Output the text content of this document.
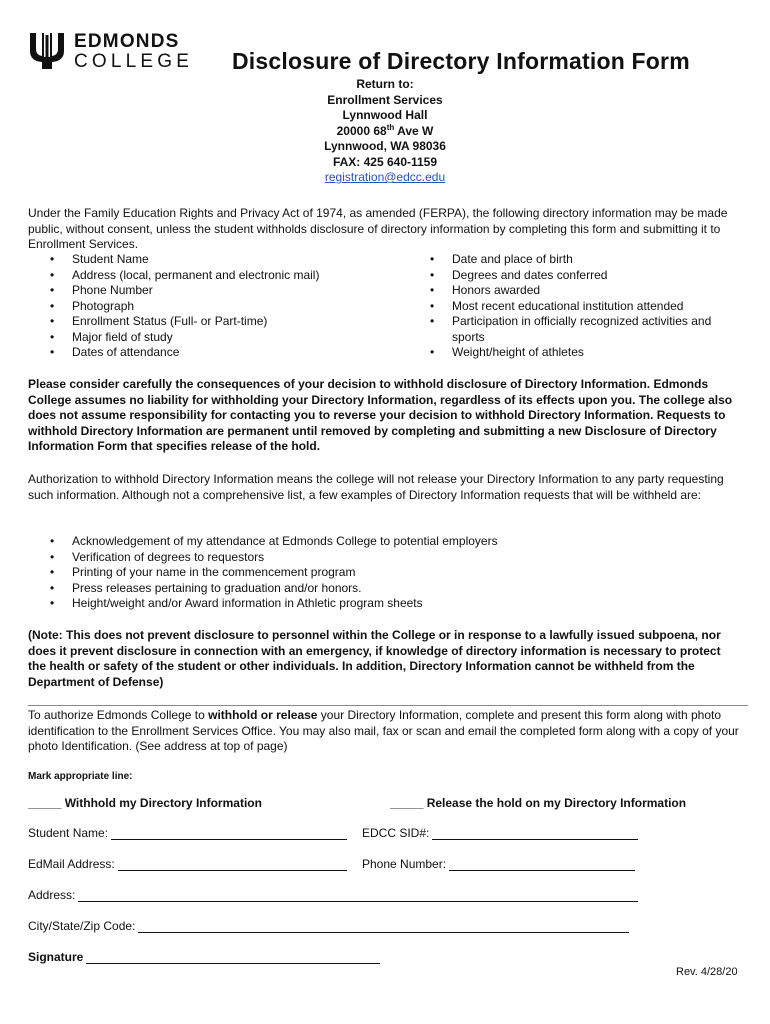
EDMONDS
COLLEGE Disclosure of Directory Information Form
Return to:
Enrollment Services
Lynnwood Hall
20000 68th Ave W
Lynnwood, WA 98036
FAX: 425 640-1159
registration@edcc.edu
Under the Family Education Rights and Privacy Act of 1974, as amended (FERPA), the following directory information may be made public, without consent, unless the student withholds disclosure of directory information by completing this form and submitting it to Enrollment Services.
• Student Name
• Address (local, permanent and electronic mail)
• Phone Number
• Photograph
• Enrollment Status (Full- or Part-time)
• Major field of study
• Dates of attendance
• Date and place of birth
• Degrees and dates conferred
• Honors awarded
• Most recent educational institution attended
• Participation in officially recognized activities and sports
• Weight/height of athletes
Please consider carefully the consequences of your decision to withhold disclosure of Directory Information. Edmonds College assumes no liability for withholding your Directory Information, regardless of its effects upon you. The college also does not assume responsibility for contacting you to reverse your decision to withhold Directory Information. Requests to withhold Directory Information are permanent until removed by completing and submitting a new Disclosure of Directory Information Form that specifies release of the hold.
Authorization to withhold Directory Information means the college will not release your Directory Information to any party requesting such information. Although not a comprehensive list, a few examples of Directory Information requests that will be withheld are:
• Acknowledgement of my attendance at Edmonds College to potential employers
• Verification of degrees to requestors
• Printing of your name in the commencement program
• Press releases pertaining to graduation and/or honors.
• Height/weight and/or Award information in Athletic program sheets
(Note: This does not prevent disclosure to personnel within the College or in response to a lawfully issued subpoena, nor does it prevent disclosure in connection with an emergency, if knowledge of directory information is necessary to protect the health or safety of the student or other individuals. In addition, Directory Information cannot be withheld from the Department of Defense)
To authorize Edmonds College to withhold or release your Directory Information, complete and present this form along with photo identification to the Enrollment Services Office. You may also mail, fax or scan and email the completed form along with a copy of your photo Identification. (See address at top of page)
Mark appropriate line:
_____ Withhold my Directory Information	_____ Release the hold on my Directory Information
Student Name:	EDCC SID#:
EdMail Address:	Phone Number:
Address:
City/State/Zip Code:
Signature
Rev. 4/28/20
